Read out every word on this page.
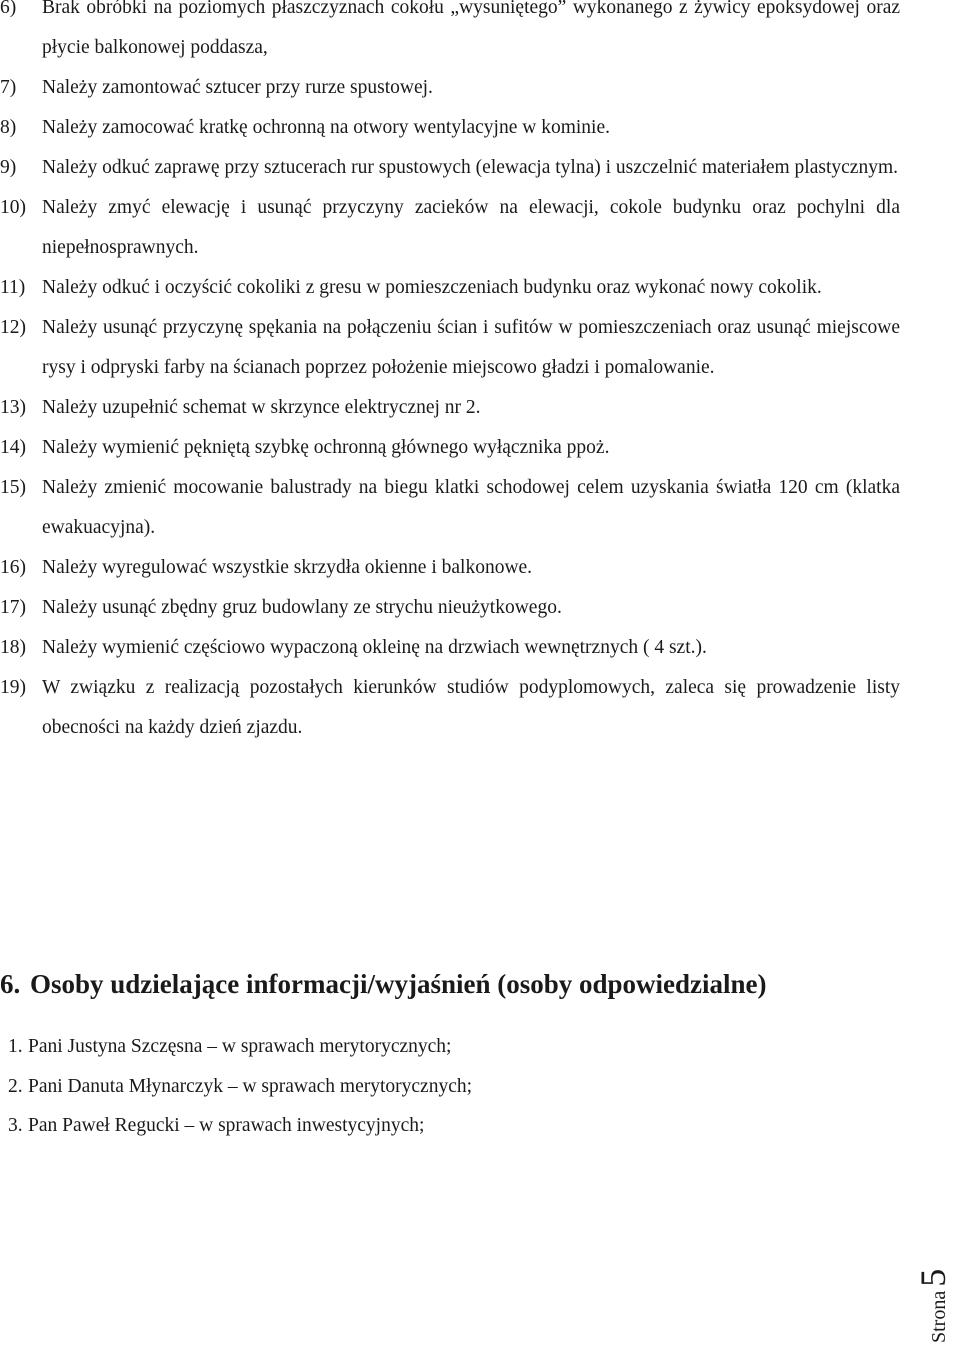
6) Brak obróbki na poziomych płaszczyznach cokołu „wysuniętego” wykonanego z żywicy epoksydowej oraz płycie balkonowej poddasza,
7) Należy zamontować sztucer przy rurze spustowej.
8) Należy zamocować kratkę ochronną na otwory wentylacyjne w kominie.
9) Należy odkuć zaprawę przy sztucerach rur spustowych (elewacja tylna) i uszczelnić materiałem plastycznym.
10) Należy zmyć elewację i usunąć przyczyny zacieków na elewacji, cokole budynku oraz pochylni dla niepełnosprawnych.
11) Należy odkuć i oczyścić cokoliki z gresu w pomieszczeniach budynku oraz wykonać nowy cokolik.
12) Należy usunąć przyczynę spękania na połączeniu ścian i sufitów w pomieszczeniach oraz usunąć miejscowe rysy i odpryski farby na ścianach poprzez położenie miejscowo gładzi i pomalowanie.
13) Należy uzupełnić schemat w skrzynce elektrycznej nr 2.
14) Należy wymienić pękniętą szybkę ochronną głównego wyłącznika ppoż.
15) Należy zmienić mocowanie balustrady na biegu klatki schodowej celem uzyskania światła 120 cm (klatka ewakuacyjna).
16) Należy wyregulować wszystkie skrzydła okienne i balkonowe.
17) Należy usunąć zbędny gruz budowlany ze strychu nieużytkowego.
18) Należy wymienić częściowo wypaczoną okleinę na drzwiach wewnętrznych ( 4 szt.).
19) W związku z realizacją pozostałych kierunków studiów podyplomowych, zaleca się prowadzenie listy obecności na każdy dzień zjazdu.
6. Osoby udzielające informacji/wyjaśnień (osoby odpowiedzialne)
1. Pani Justyna Szczęsna – w sprawach merytorycznych;
2. Pani Danuta Młynarczyk – w sprawach merytorycznych;
3. Pan Paweł Regucki – w sprawach inwestycyjnych;
Strona5
